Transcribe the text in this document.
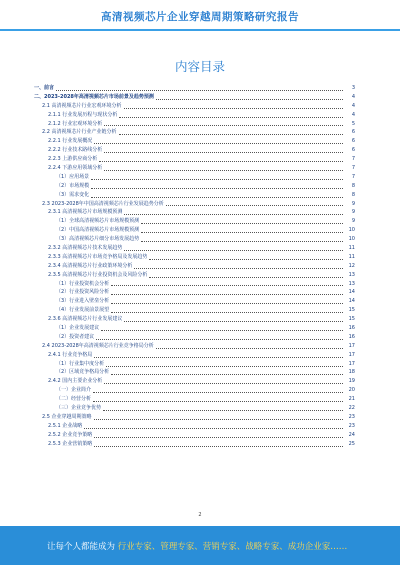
高清视频芯片企业穿越周期策略研究报告
内容目录
一、前言	3
二、2023-2028年高清视频芯片市场前景及趋势预测	4
2.1 高清视频芯片行业宏观环境分析	4
2.1.1 行业发展历程与现状分析	4
2.1.2 行业宏观环境分析	5
2.2 高清视频芯片行业产业链分析	6
2.2.1 行业发展概况	6
2.2.2 行业技术路线分析	6
2.2.3 上游供应商分析	7
2.2.4 下游应用领域分析	7
（1）应用场景	7
（2）市场规模	8
（3）需求变化	8
2.3 2023-2028年中国高清视频芯片行业发展趋势分析	9
2.3.1 高清视频芯片市场规模预测	9
（1）全球高清视频芯片市场规模预测	9
（2）中国高清视频芯片市场规模预测	10
（3）高清视频芯片细分市场发展趋势	10
2.3.2 高清视频芯片技术发展趋势	11
2.3.3 高清视频芯片市场竞争格局及发展趋势	11
2.3.4 高清视频芯片行业政策环境分析	12
2.3.5 高清视频芯片行业投资机会及风险分析	13
（1）行业投资机会分析	13
（2）行业投资风险分析	14
（3）行业进入壁垒分析	14
（4）行业发展前景展望	15
2.3.6 高清视频芯片行业发展建议	15
（1）企业发展建议	16
（2）投资者建议	16
2.4 2023-2028年高清视频芯片行业竞争格局分析	17
2.4.1 行业竞争格局	17
（1）行业集中度分析	17
（2）区域竞争格局分析	18
2.4.2 国内主要企业分析	19
（一）企业简介	20
（二）经营分析	21
（三）企业竞争优势	22
2.5 企业穿越周期策略	23
2.5.1 企业战略	23
2.5.2 企业竞争策略	24
2.5.3 企业营销策略	25
2
让每个人都能成为 行业专家、管理专家、营销专家、战略专家、成功企业家……
